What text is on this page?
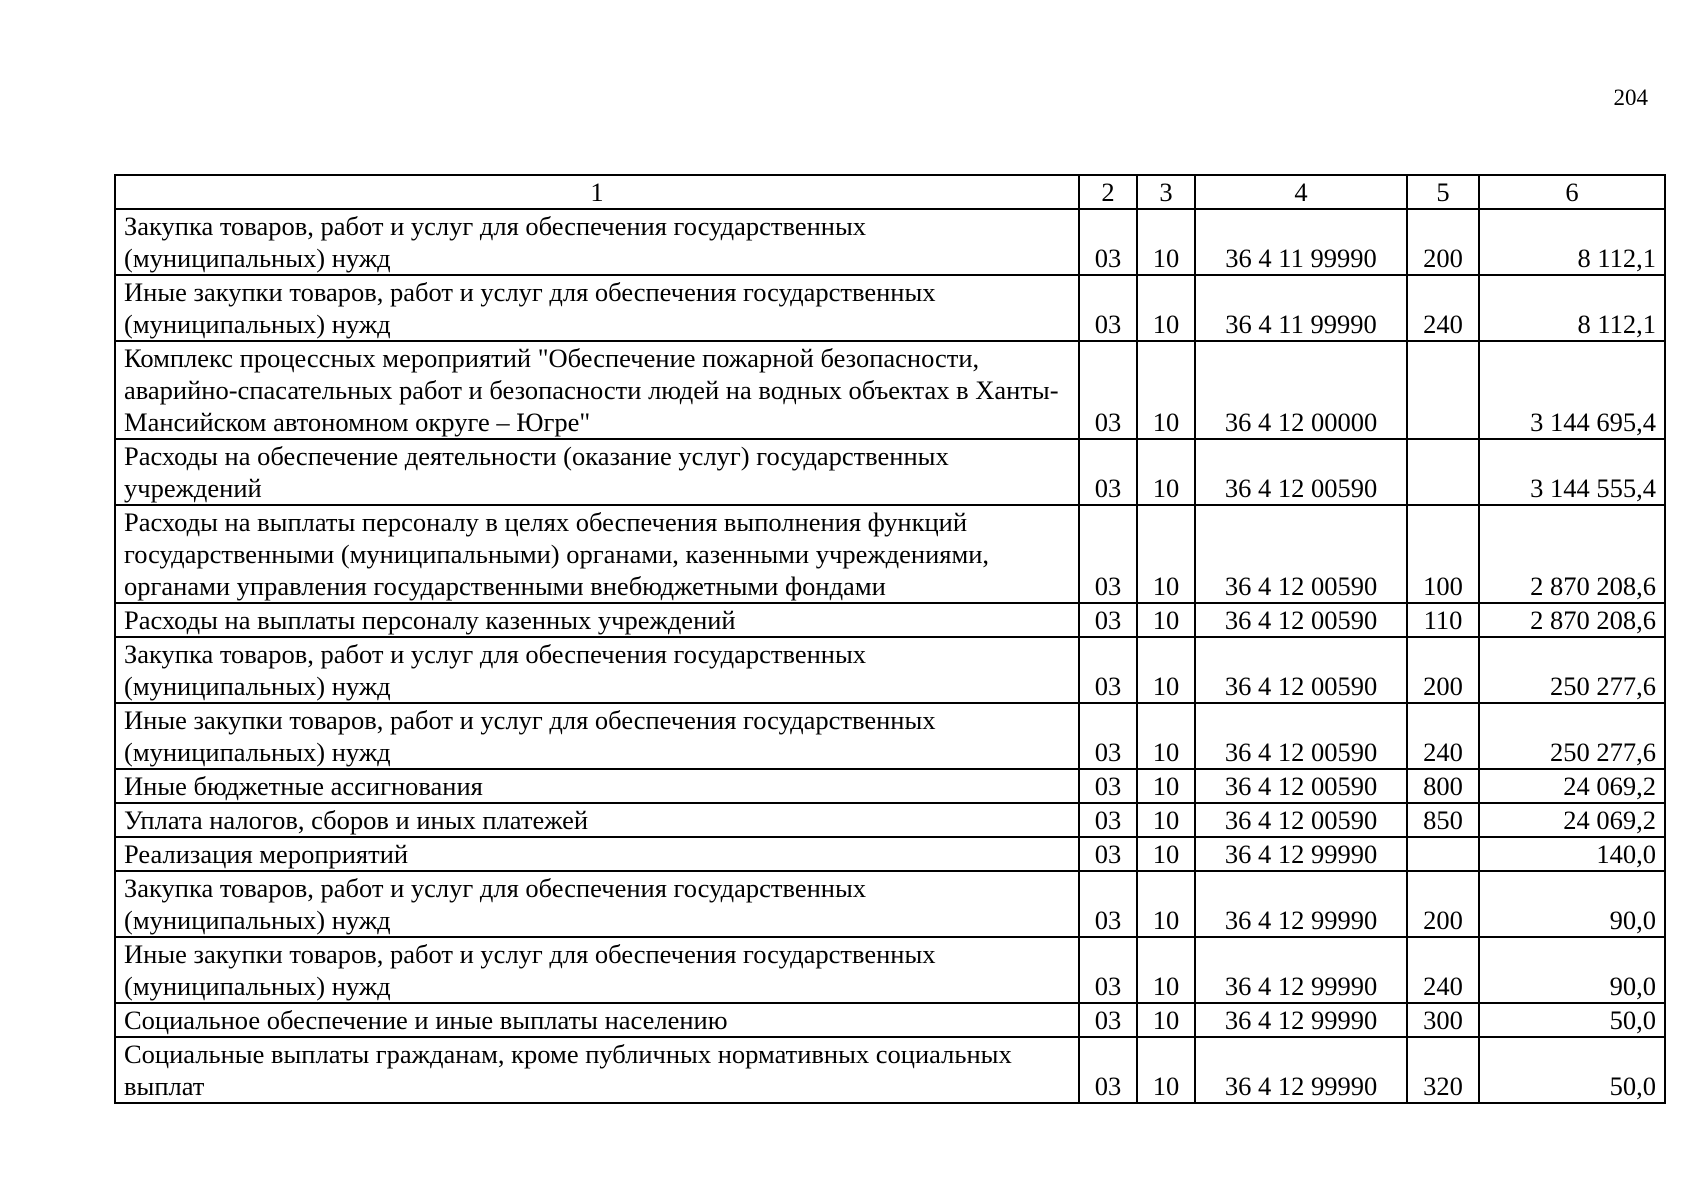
204
1	2	3	4	5	6
Закупка товаров, работ и услуг для обеспечения государственных (муниципальных) нужд	03	10	36 4 11 99990	200	8 112,1
Иные закупки товаров, работ и услуг для обеспечения государственных (муниципальных) нужд	03	10	36 4 11 99990	240	8 112,1
Комплекс процессных мероприятий "Обеспечение пожарной безопасности, аварийно-спасательных работ и безопасности людей на водных объектах в Ханты-Мансийском автономном округе – Югре"	03	10	36 4 12 00000		3 144 695,4
Расходы на обеспечение деятельности (оказание услуг) государственных учреждений	03	10	36 4 12 00590		3 144 555,4
Расходы на выплаты персоналу в целях обеспечения выполнения функций государственными (муниципальными) органами, казенными учреждениями, органами управления государственными внебюджетными фондами	03	10	36 4 12 00590	100	2 870 208,6
Расходы на выплаты персоналу казенных учреждений	03	10	36 4 12 00590	110	2 870 208,6
Закупка товаров, работ и услуг для обеспечения государственных (муниципальных) нужд	03	10	36 4 12 00590	200	250 277,6
Иные закупки товаров, работ и услуг для обеспечения государственных (муниципальных) нужд	03	10	36 4 12 00590	240	250 277,6
Иные бюджетные ассигнования	03	10	36 4 12 00590	800	24 069,2
Уплата налогов, сборов и иных платежей	03	10	36 4 12 00590	850	24 069,2
Реализация мероприятий	03	10	36 4 12 99990		140,0
Закупка товаров, работ и услуг для обеспечения государственных (муниципальных) нужд	03	10	36 4 12 99990	200	90,0
Иные закупки товаров, работ и услуг для обеспечения государственных (муниципальных) нужд	03	10	36 4 12 99990	240	90,0
Социальное обеспечение и иные выплаты населению	03	10	36 4 12 99990	300	50,0
Социальные выплаты гражданам, кроме публичных нормативных социальных выплат	03	10	36 4 12 99990	320	50,0
